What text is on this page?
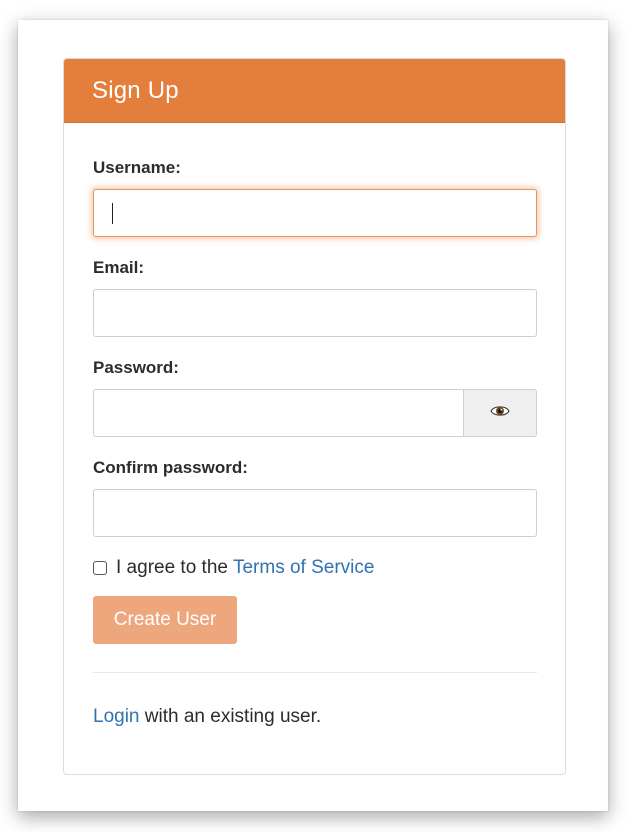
Sign Up
Username:
Email:
Password:
Confirm password:
I agree to the Terms of Service
Create User
Login with an existing user.
